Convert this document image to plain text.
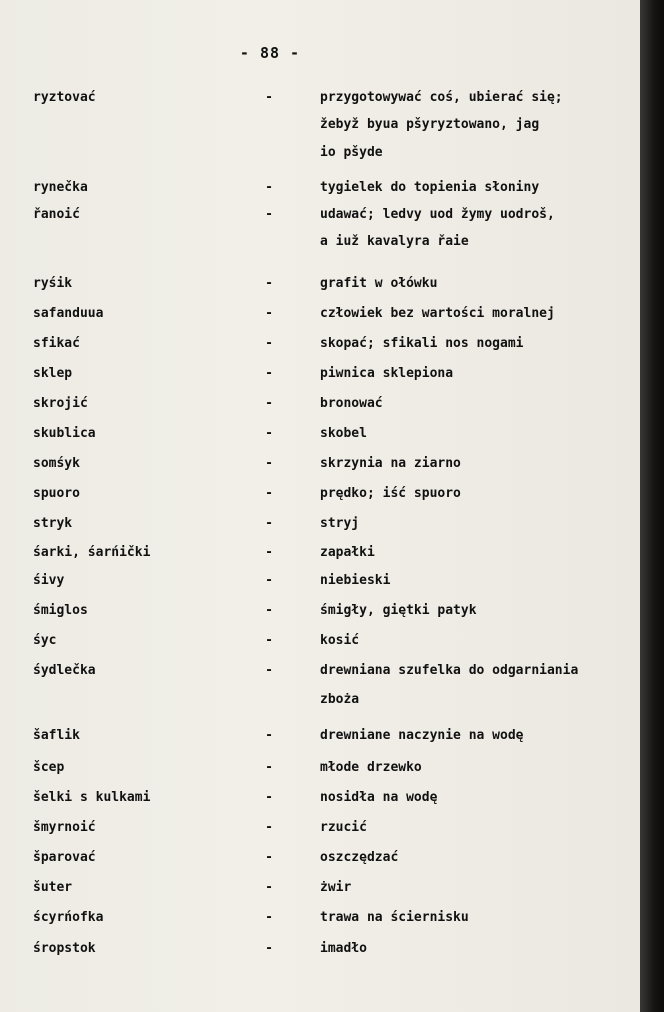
- 88 -
ryztovać	-	przygotowywać coś, ubierać się;
žebyž byua pšyryztowano, jag
io pšyde
rynečka	-	tygielek do topienia słoniny
řanoić	-	udawać; ledvy uod žymy uodroš,
a iuž kavalyra řaie
ryśik	-	grafit w ołówku
safanduua	-	człowiek bez wartości moralnej
sfikać	-	skopać; sfikali nos nogami
sklep	-	piwnica sklepiona
skrojić	-	bronować
skublica	-	skobel
somśyk	-	skrzynia na ziarno
spuoro	-	prędko; iść spuoro
stryk	-	stryj
śarki, śarńički	-	zapałki
śivy	-	niebieski
śmiglos	-	śmigły, giętki patyk
śyc	-	kosić
śydlečka	-	drewniana szufelka do odgarniania
zboża
šaflik	-	drewniane naczynie na wodę
šcep	-	młode drzewko
šelki s kulkami	-	nosidła na wodę
šmyrnoić	-	rzucić
šparovać	-	oszczędzać
šuter	-	żwir
ścyrńofka	-	trawa na ściernisku
śropstok	-	imadło
